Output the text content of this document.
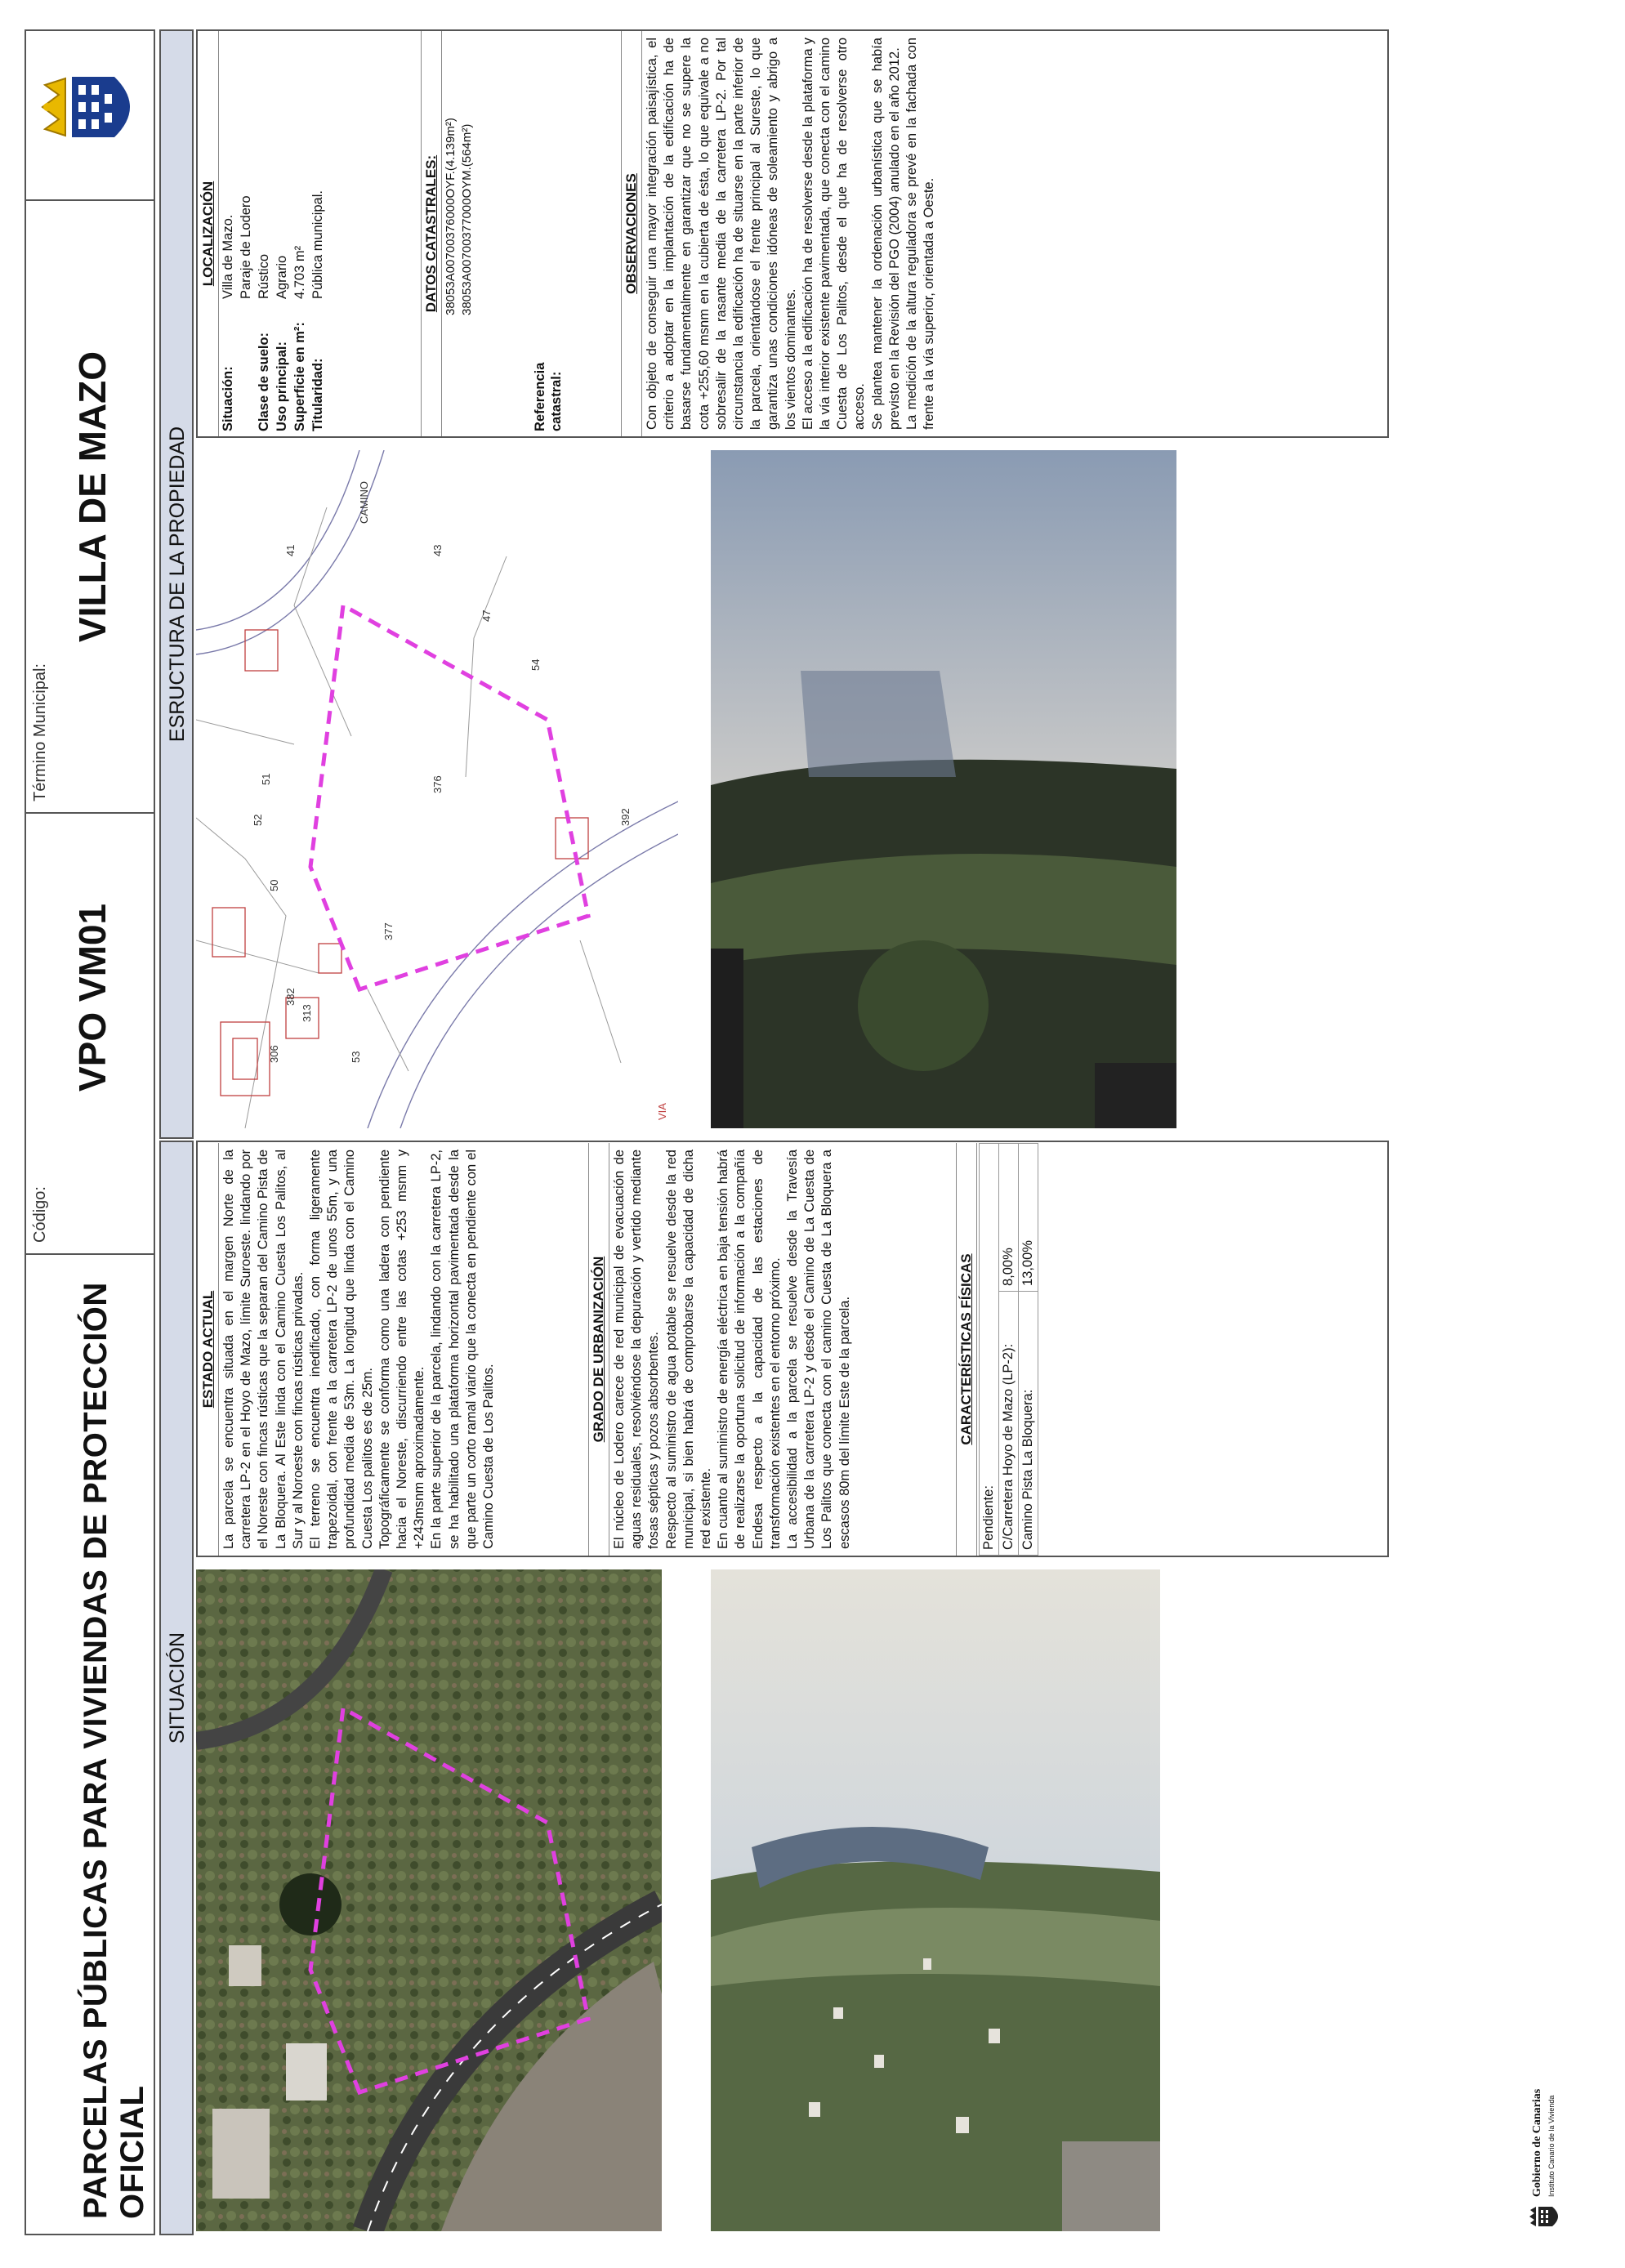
PARCELAS PÚBLICAS PARA VIVIENDAS DE PROTECCIÓN OFICIAL
Código:
VPO VM01
Término Municipal:
VILLA DE MAZO
SITUACIÓN
ESRUCTURA DE LA PROPIEDAD
ESTADO ACTUAL La parcela se encuentra situada en el margen Norte de la carretera LP-2 en el Hoyo de Mazo, límite Suroeste. lindando por el Noreste con fincas rústicas que la separan del Camino Pista de La Bloquera. Al Este linda con el Camino Cuesta Los Palitos, al Sur y al Noroeste con fincas rústicas privadas. El terreno se encuentra inedificado, con forma ligeramente trapezoidal, con frente a la carretera LP-2 de unos 55m, y una profundidad media de 53m. La longitud que linda con el Camino Cuesta Los palitos es de 25m. Topográficamente se conforma como una ladera con pendiente hacia el Noreste, discurriendo entre las cotas +253 msnm y +243msnm aproximadamente. En la parte superior de la parcela, lindando con la carretera LP-2, se ha habilitado una plataforma horizontal pavimentada desde la que parte un corto ramal viario que la conecta en pendiente con el Camino Cuesta de Los Palitos.

GRADO DE URBANIZACIÓN El núcleo de Lodero carece de red municipal de evacuación de aguas residuales, resolviéndose la depuración y vertido mediante fosas sépticas y pozos absorbentes. Respecto al suministro de agua potable se resuelve desde la red municipal, si bien habrá de comprobarse la capacidad de dicha red existente. En cuanto al suministro de energía eléctrica en baja tensión habrá de realizarse la oportuna solicitud de información a la compañía Endesa respecto a la capacidad de las estaciones de transformación existentes en el entorno próximo. La accesibilidad a la parcela se resuelve desde la Travesía Urbana de la carretera LP-2 y desde el Camino de La Cuesta de Los Palitos que conecta con el camino Cuesta de La Bloquera a escasos 80m del límite Este de la parcela.	CARACTERÍSTICAS FÍSICAS
Pendiente:	
C/Carretera Hoyo de Mazo (LP-2):	8,00%
Camino Pista La Bloquera:	13,00%
376
377
382
52
53
54
47
41	43
50
51
306
313
392
VIA
CAMINO
LOCALIZACIÓN
Situación:	Villa de Mazo.
	Paraje de Lodero
Clase de suelo:	Rústico
Uso principal:	Agrario
Superficie en m²:	4.703 m²
Titularidad:	Pública municipal.	DATOS CATASTRALES:
Referencia catastral:	
38053A00700376000OYF.(4.139m²) 38053A00700377000OYM.(564m²)	OBSERVACIONES Con objeto de conseguir una mayor integración paisajística, el criterio a adoptar en la implantación de la edificación ha de basarse fundamentalmente en garantizar que no se supere la cota +255,60 msnm en la cubierta de ésta, lo que equivale a no sobresalir de la rasante media de la carretera LP-2. Por tal circunstancia la edificación ha de situarse en la parte inferior de la parcela, orientándose el frente principal al Sureste, lo que garantiza unas condiciones idóneas de soleamiento y abrigo a los vientos dominantes. El acceso a la edificación ha de resolverse desde la plataforma y la vía interior existente pavimentada, que conecta con el camino Cuesta de Los Palitos, desde el que ha de resolverse otro acceso. Se plantea mantener la ordenación urbanística que se había previsto en la Revisión del PGO (2004) anulado en el año 2012. La medición de la altura reguladora se prevé en la fachada con frente a la vía superior, orientada a Oeste.

Gobierno de Canarias Instituto Canario de la Vivienda
